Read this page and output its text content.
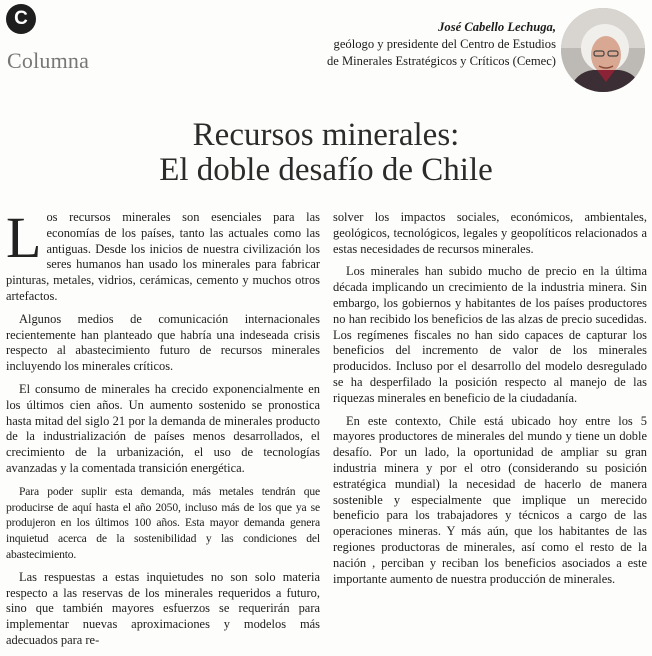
C
Columna
José Cabello Lechuga,
geólogo y presidente del Centro de Estudios
de Minerales Estratégicos y Críticos (Cemec)
Recursos minerales:
El doble desafío de Chile

Los recursos minerales son esenciales para las economías de los países, tanto las actuales como las antiguas. Desde los inicios de nuestra civilización los seres humanos han usado los minerales para fabricar pinturas, metales, vidrios, cerámicas, cemento y muchos otros artefactos.

Algunos medios de comunicación internacionales recientemente han planteado que habría una indeseada crisis respecto al abastecimiento futuro de recursos minerales incluyendo los minerales críticos.

El consumo de minerales ha crecido exponencialmente en los últimos cien años. Un aumento sostenido se pronostica hasta mitad del siglo 21 por la demanda de minerales producto de la industrialización de países menos desarrollados, el crecimiento de la urbanización, el uso de tecnologías avanzadas y la comentada transición energética.

Para poder suplir esta demanda, más metales tendrán que producirse de aquí hasta el año 2050, incluso más de los que ya se produjeron en los últimos 100 años. Esta mayor demanda genera inquietud acerca de la sostenibilidad y las condiciones del abastecimiento.

Las respuestas a estas inquietudes no son solo materia respecto a las reservas de los minerales requeridos a futuro, sino que también mayores esfuerzos se requerirán para implementar nuevas aproximaciones y modelos más adecuados para re-

solver los impactos sociales, económicos, ambientales, geológicos, tecnológicos, legales y geopolíticos relacionados a estas necesidades de recursos minerales.

Los minerales han subido mucho de precio en la última década implicando un crecimiento de la industria minera. Sin embargo, los gobiernos y habitantes de los países productores no han recibido los beneficios de las alzas de precio sucedidas. Los regímenes fiscales no han sido capaces de capturar los beneficios del incremento de valor de los minerales producidos. Incluso por el desarrollo del modelo desregulado se ha desperfilado la posición respecto al manejo de las riquezas minerales en beneficio de la ciudadanía.

En este contexto, Chile está ubicado hoy entre los 5 mayores productores de minerales del mundo y tiene un doble desafío. Por un lado, la oportunidad de ampliar su gran industria minera y por el otro (considerando su posición estratégica mundial) la necesidad de hacerlo de manera sostenible y especialmente que implique un merecido beneficio para los trabajadores y técnicos a cargo de las operaciones mineras. Y más aún, que los habitantes de las regiones productoras de minerales, así como el resto de la nación , perciban y reciban los beneficios asociados a este importante aumento de nuestra producción de minerales.
